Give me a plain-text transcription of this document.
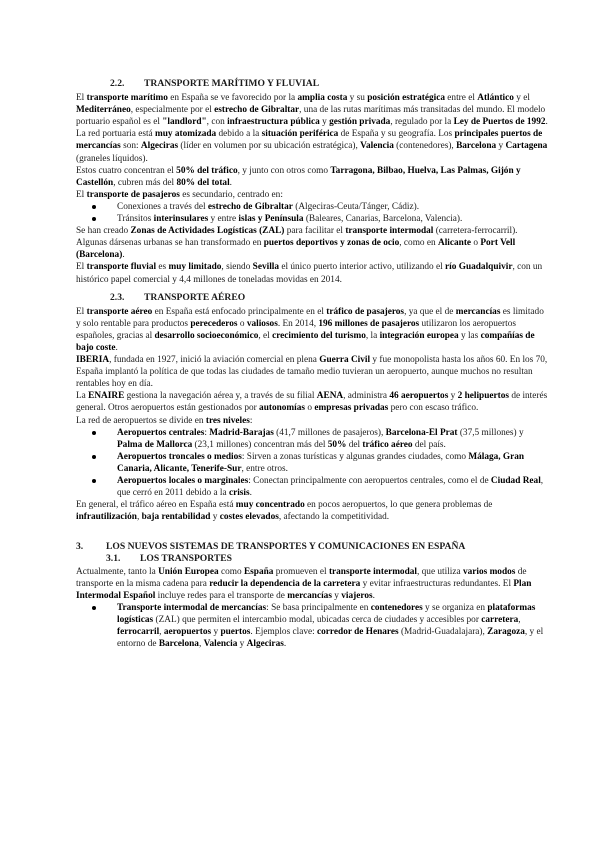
2.2. TRANSPORTE MARÍTIMO Y FLUVIAL

El transporte marítimo en España se ve favorecido por la amplia costa y su posición estratégica entre el Atlántico y el Mediterráneo, especialmente por el estrecho de Gibraltar, una de las rutas marítimas más transitadas del mundo. El modelo portuario español es el "landlord", con infraestructura pública y gestión privada, regulado por la Ley de Puertos de 1992.

La red portuaria está muy atomizada debido a la situación periférica de España y su geografía. Los principales puertos de mercancías son: Algeciras (líder en volumen por su ubicación estratégica), Valencia (contenedores), Barcelona y Cartagena (graneles líquidos).

Estos cuatro concentran el 50% del tráfico, y junto con otros como Tarragona, Bilbao, Huelva, Las Palmas, Gijón y Castellón, cubren más del 80% del total.

El transporte de pasajeros es secundario, centrado en:

Conexiones a través del estrecho de Gibraltar (Algeciras-Ceuta/Tánger, Cádiz).
Tránsitos interinsulares y entre islas y Península (Baleares, Canarias, Barcelona, Valencia).

Se han creado Zonas de Actividades Logísticas (ZAL) para facilitar el transporte intermodal (carretera-ferrocarril). Algunas dársenas urbanas se han transformado en puertos deportivos y zonas de ocio, como en Alicante o Port Vell (Barcelona).

El transporte fluvial es muy limitado, siendo Sevilla el único puerto interior activo, utilizando el río Guadalquivir, con un histórico papel comercial y 4,4 millones de toneladas movidas en 2014.

2.3. TRANSPORTE AÉREO

El transporte aéreo en España está enfocado principalmente en el tráfico de pasajeros, ya que el de mercancías es limitado y solo rentable para productos perecederos o valiosos. En 2014, 196 millones de pasajeros utilizaron los aeropuertos españoles, gracias al desarrollo socioeconómico, el crecimiento del turismo, la integración europea y las compañías de bajo coste.

IBERIA, fundada en 1927, inició la aviación comercial en plena Guerra Civil y fue monopolista hasta los años 60. En los 70, España implantó la política de que todas las ciudades de tamaño medio tuvieran un aeropuerto, aunque muchos no resultan rentables hoy en día.

La ENAIRE gestiona la navegación aérea y, a través de su filial AENA, administra 46 aeropuertos y 2 helipuertos de interés general. Otros aeropuertos están gestionados por autonomías o empresas privadas pero con escaso tráfico.

La red de aeropuertos se divide en tres niveles:

Aeropuertos centrales: Madrid-Barajas (41,7 millones de pasajeros), Barcelona-El Prat (37,5 millones) y Palma de Mallorca (23,1 millones) concentran más del 50% del tráfico aéreo del país.
Aeropuertos troncales o medios: Sirven a zonas turísticas y algunas grandes ciudades, como Málaga, Gran Canaria, Alicante, Tenerife-Sur, entre otros.
Aeropuertos locales o marginales: Conectan principalmente con aeropuertos centrales, como el de Ciudad Real, que cerró en 2011 debido a la crisis.

En general, el tráfico aéreo en España está muy concentrado en pocos aeropuertos, lo que genera problemas de infrautilización, baja rentabilidad y costes elevados, afectando la competitividad.

3. LOS NUEVOS SISTEMAS DE TRANSPORTES Y COMUNICACIONES EN ESPAÑA

3.1. LOS TRANSPORTES

Actualmente, tanto la Unión Europea como España promueven el transporte intermodal, que utiliza varios modos de transporte en la misma cadena para reducir la dependencia de la carretera y evitar infraestructuras redundantes. El Plan Intermodal Español incluye redes para el transporte de mercancías y viajeros.

Transporte intermodal de mercancías: Se basa principalmente en contenedores y se organiza en plataformas logísticas (ZAL) que permiten el intercambio modal, ubicadas cerca de ciudades y accesibles por carretera, ferrocarril, aeropuertos y puertos. Ejemplos clave: corredor de Henares (Madrid-Guadalajara), Zaragoza, y el entorno de Barcelona, Valencia y Algeciras.
